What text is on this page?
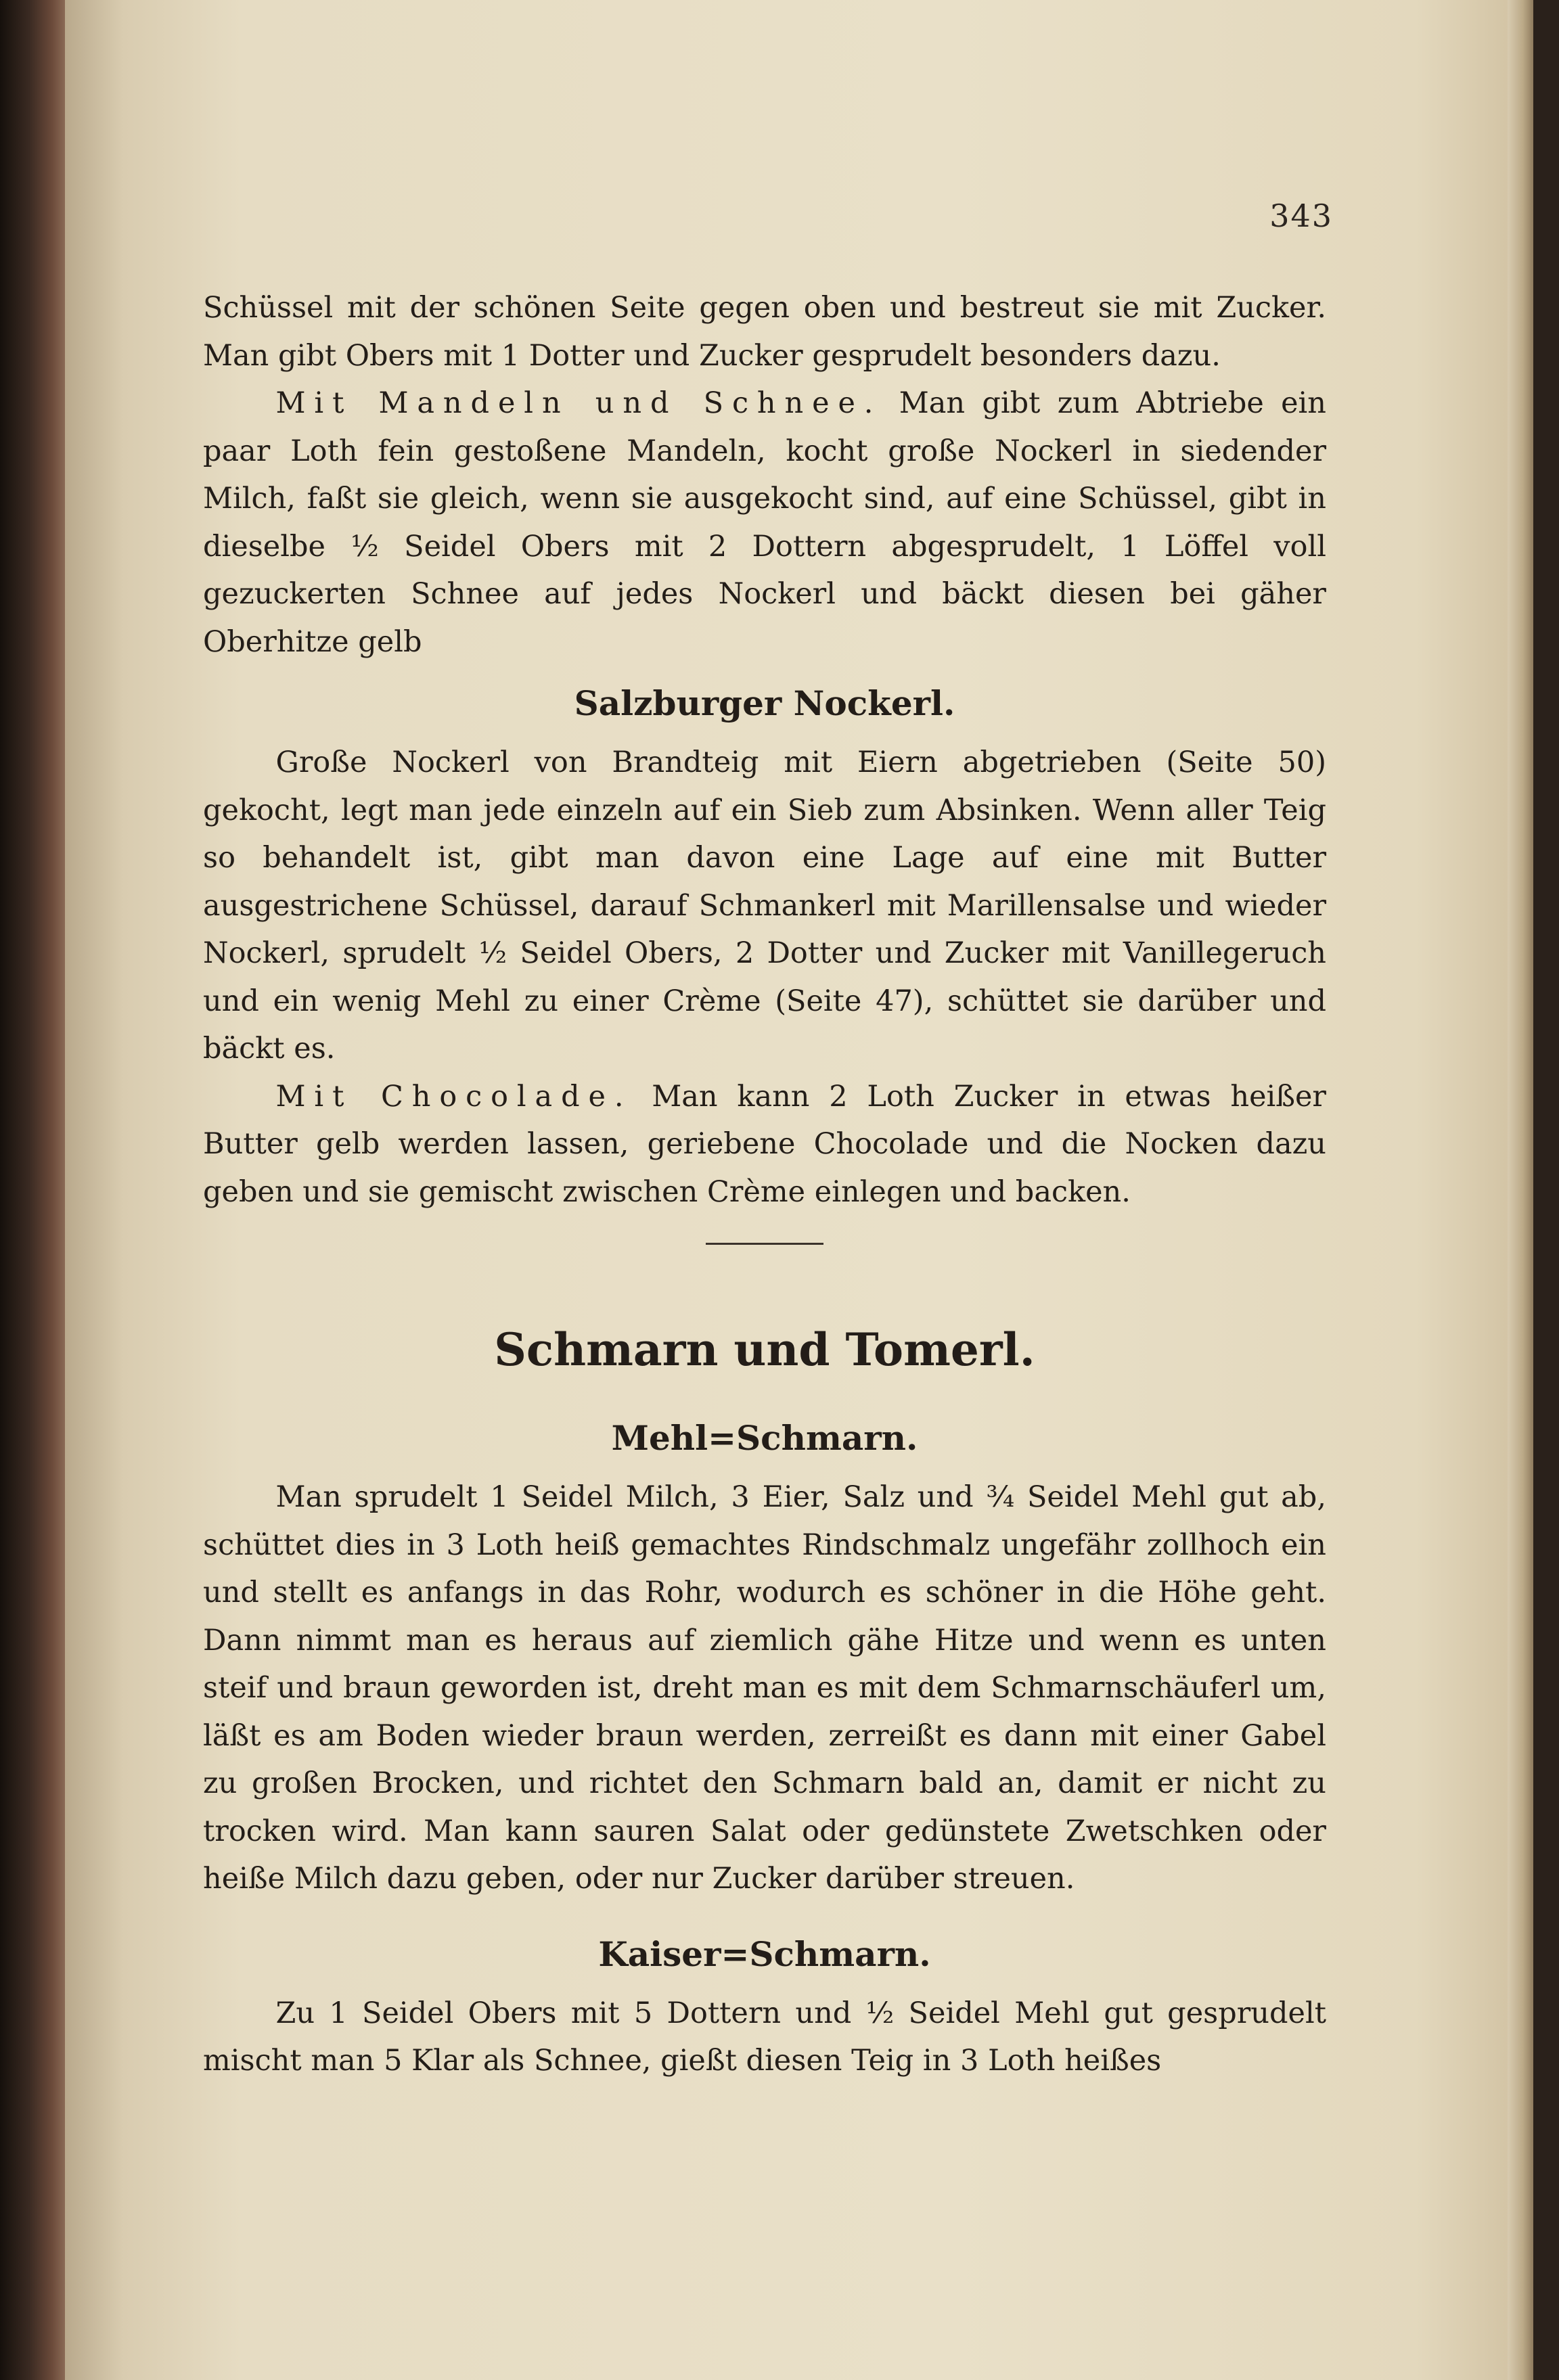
343

Schüssel mit der schönen Seite gegen oben und bestreut sie mit Zucker. Man gibt Obers mit 1 Dotter und Zucker gesprudelt besonders dazu.

Mit Mandeln und Schnee. Man gibt zum Abtriebe ein paar Loth fein gestoßene Mandeln, kocht große Nockerl in siedender Milch, faßt sie gleich, wenn sie ausgekocht sind, auf eine Schüssel, gibt in dieselbe ½ Seidel Obers mit 2 Dottern abgesprudelt, 1 Löffel voll gezuckerten Schnee auf jedes Nockerl und bäckt diesen bei gäher Oberhitze gelb

Salzburger Nockerl.

Große Nockerl von Brandteig mit Eiern abgetrieben (Seite 50) gekocht, legt man jede einzeln auf ein Sieb zum Absinken. Wenn aller Teig so behandelt ist, gibt man davon eine Lage auf eine mit Butter ausgestrichene Schüssel, darauf Schmankerl mit Marillensalse und wieder Nockerl, sprudelt ½ Seidel Obers, 2 Dotter und Zucker mit Vanillegeruch und ein wenig Mehl zu einer Crème (Seite 47), schüttet sie darüber und bäckt es.

Mit Chocolade. Man kann 2 Loth Zucker in etwas heißer Butter gelb werden lassen, geriebene Chocolade und die Nocken dazu geben und sie gemischt zwischen Crème einlegen und backen.

Schmarn und Tomerl.
Mehl=Schmarn.

Man sprudelt 1 Seidel Milch, 3 Eier, Salz und ¾ Seidel Mehl gut ab, schüttet dies in 3 Loth heiß gemachtes Rindschmalz ungefähr zollhoch ein und stellt es anfangs in das Rohr, wodurch es schöner in die Höhe geht. Dann nimmt man es heraus auf ziemlich gähe Hitze und wenn es unten steif und braun geworden ist, dreht man es mit dem Schmarnschäuferl um, läßt es am Boden wieder braun werden, zerreißt es dann mit einer Gabel zu großen Brocken, und richtet den Schmarn bald an, damit er nicht zu trocken wird. Man kann sauren Salat oder gedünstete Zwetschken oder heiße Milch dazu geben, oder nur Zucker darüber streuen.

Kaiser=Schmarn.

Zu 1 Seidel Obers mit 5 Dottern und ½ Seidel Mehl gut gesprudelt mischt man 5 Klar als Schnee, gießt diesen Teig in 3 Loth heißes
